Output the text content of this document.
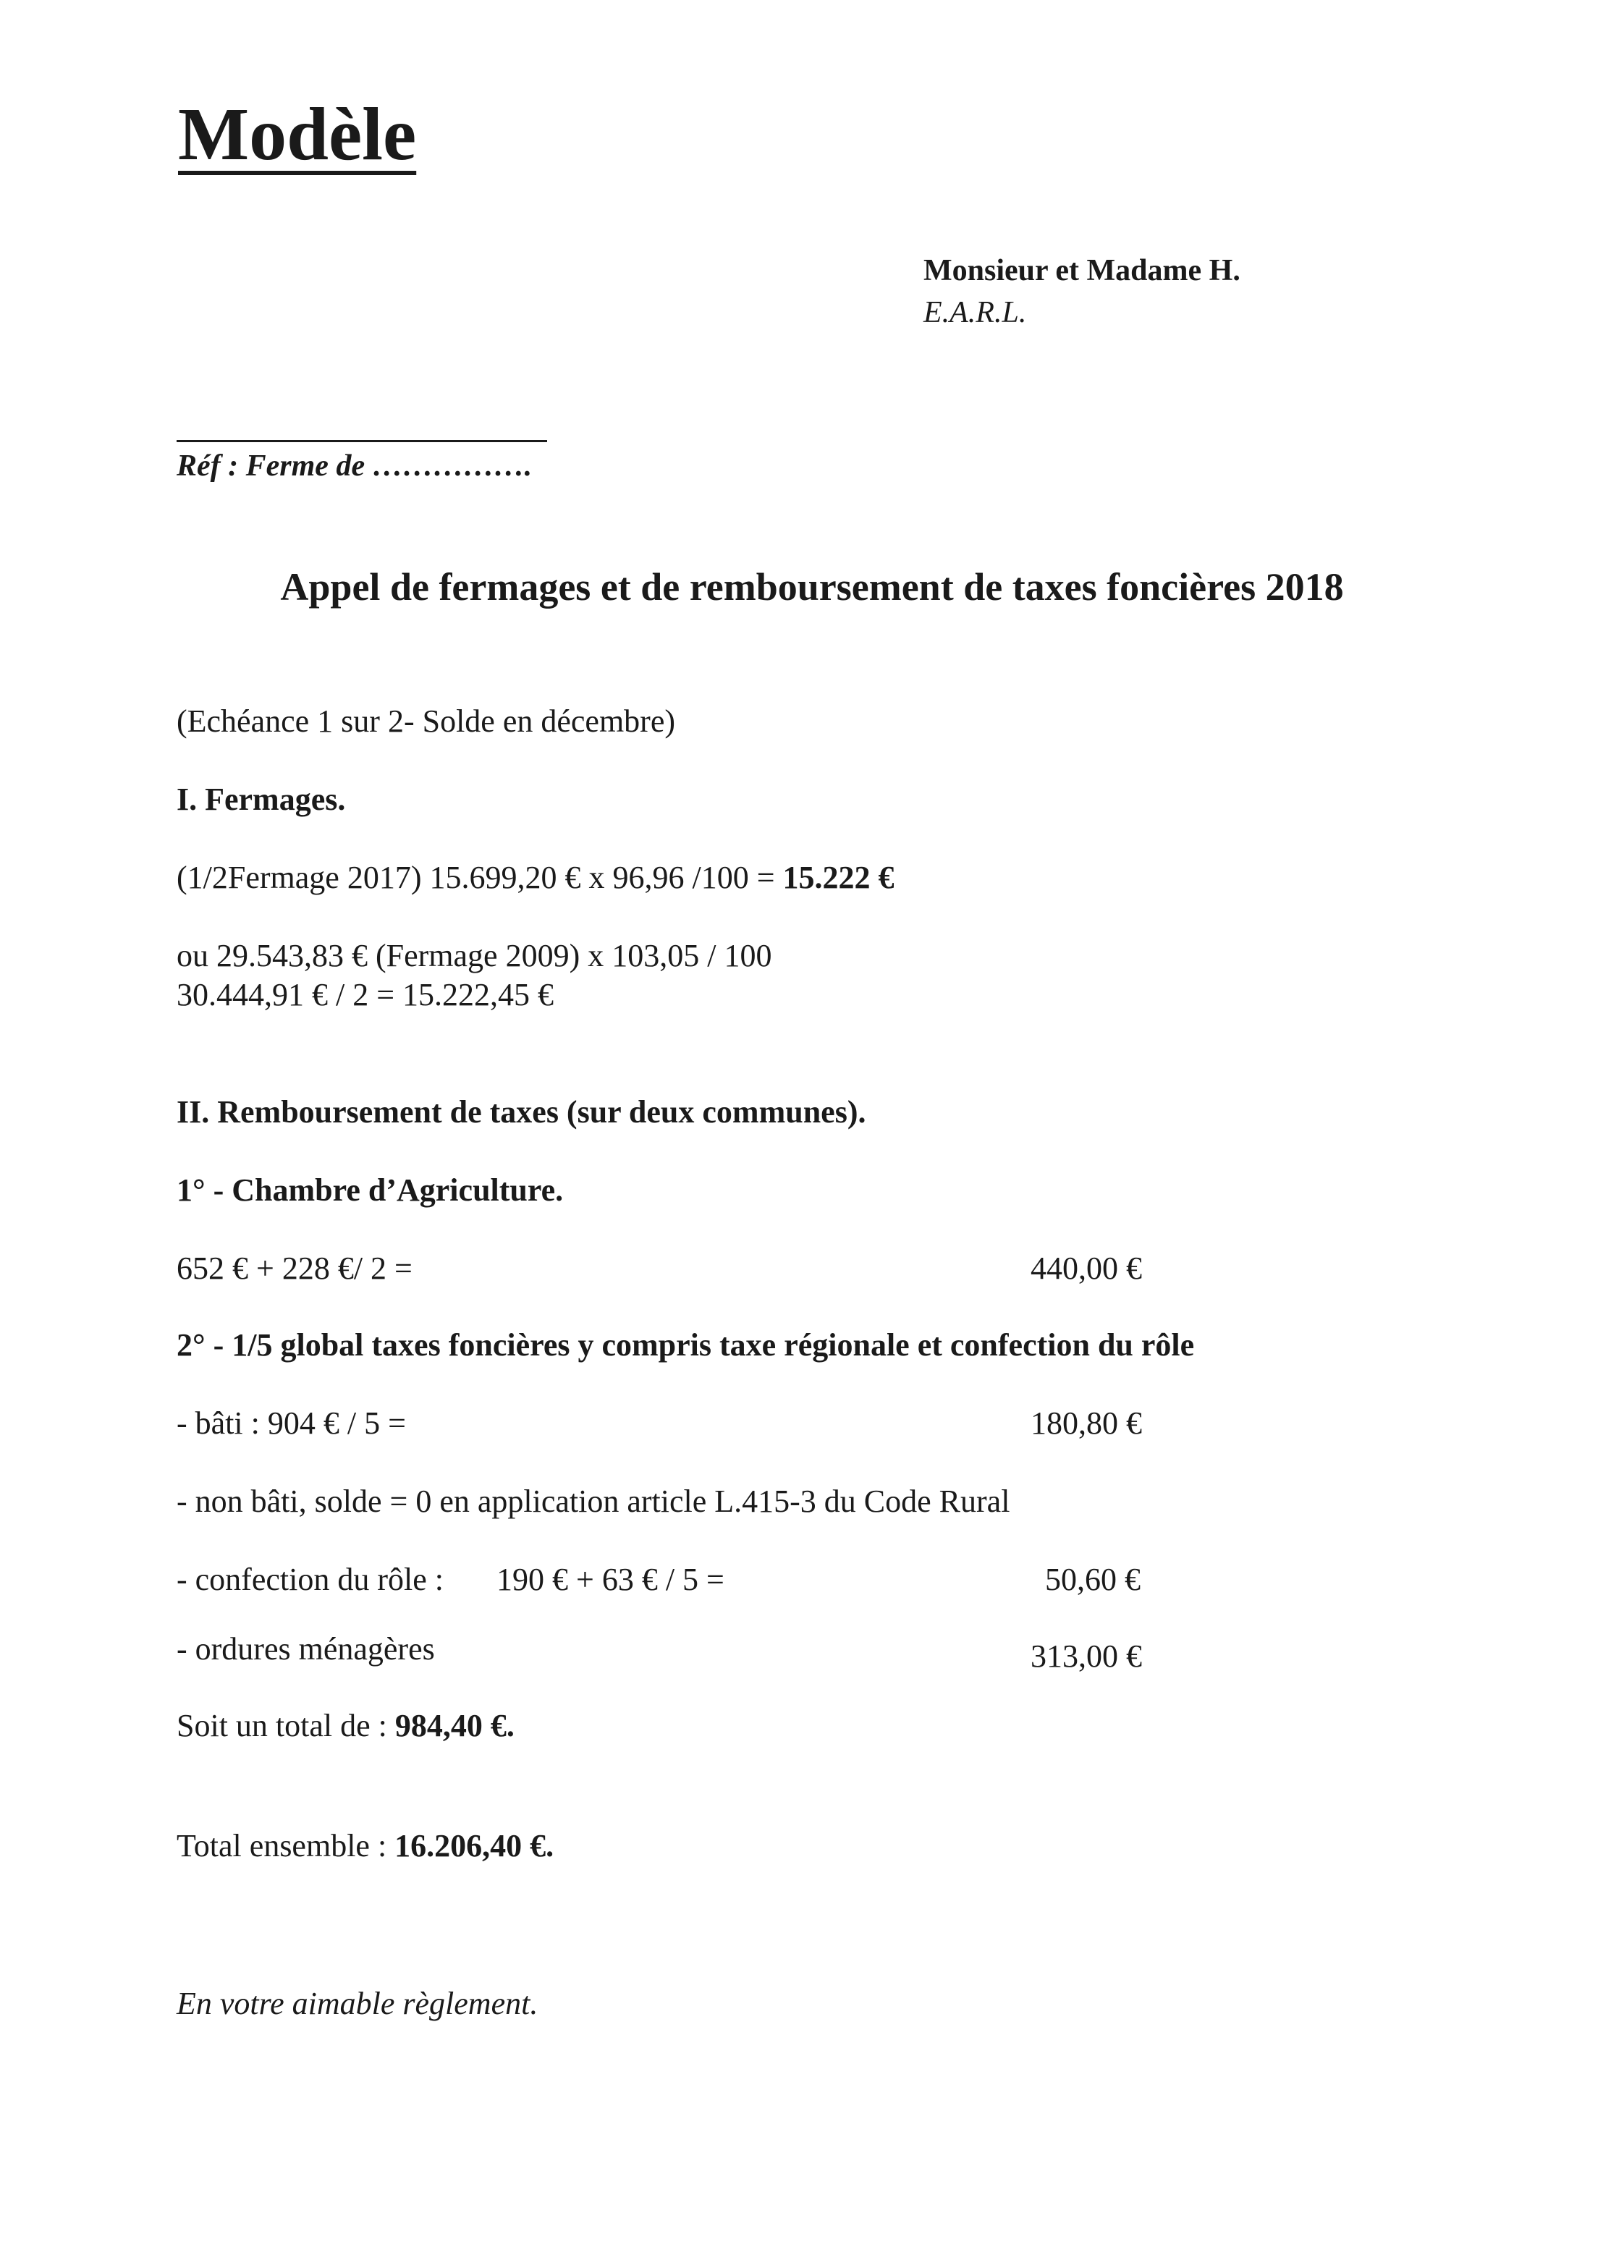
Modèle
Monsieur et Madame H.
E.A.R.L.
Réf : Ferme de …………….
Appel de fermages et de remboursement de taxes foncières 2018
(Echéance 1 sur 2- Solde en décembre)
I. Fermages.
(1/2Fermage 2017) 15.699,20 € x 96,96 /100 = 15.222 €
ou 29.543,83 € (Fermage 2009) x 103,05 / 100
30.444,91 € / 2 = 15.222,45 €
II. Remboursement de taxes (sur deux communes).
1° - Chambre d’Agriculture.
652 € + 228 €/ 2 =	440,00 €
2° - 1/5 global taxes foncières y compris taxe régionale et confection du rôle
- bâti : 904 € / 5 =	180,80 €
- non bâti, solde = 0 en application article L.415-3 du Code Rural
- confection du rôle : 190 € + 63 € / 5 =	50,60 €
- ordures ménagères	313,00 €
Soit un total de : 984,40 €.
Total ensemble : 16.206,40 €.
En votre aimable règlement.
